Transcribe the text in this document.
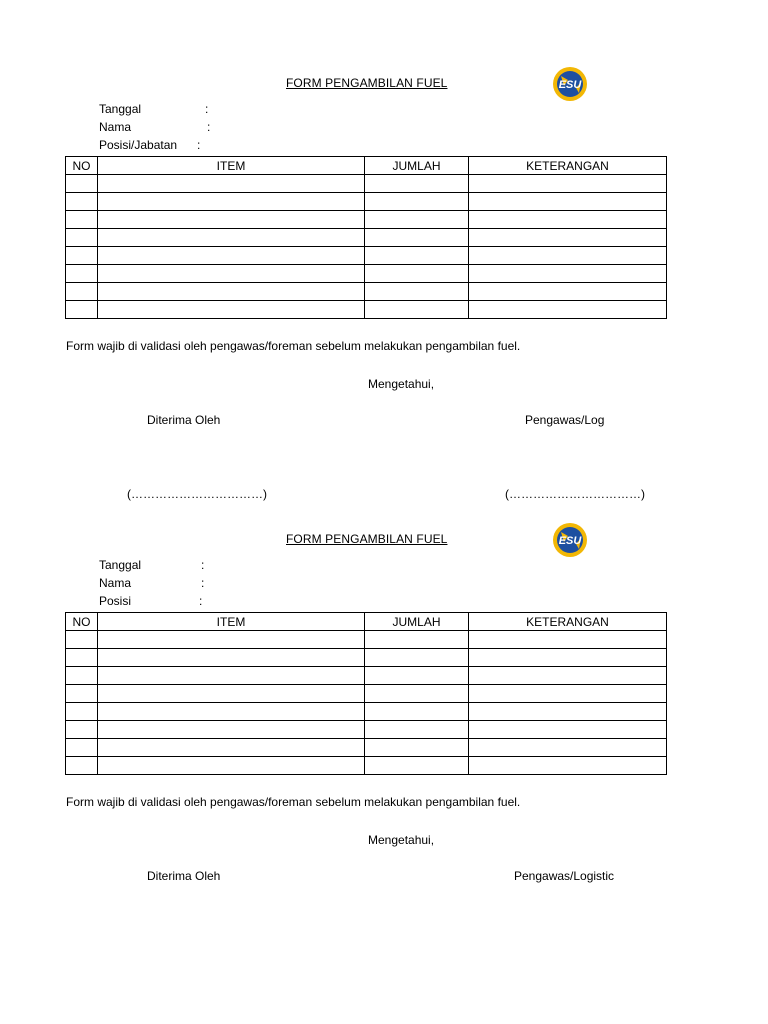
FORM PENGAMBILAN FUEL	ESU
Tanggal	:
Nama	:
Posisi/Jabatan :
NO	ITEM	JUMLAH	KETERANGAN

Form wajib di validasi oleh pengawas/foreman sebelum melakukan pengambilan fuel.
Mengetahui,
Diterima Oleh	Pengawas/Log
(……………………………)	(……………………………)
FORM PENGAMBILAN FUEL	ESU
Tanggal	:
Nama	:
Posisi	:
NO	ITEM	JUMLAH	KETERANGAN

Form wajib di validasi oleh pengawas/foreman sebelum melakukan pengambilan fuel.
Mengetahui,
Diterima Oleh	Pengawas/Logistic
